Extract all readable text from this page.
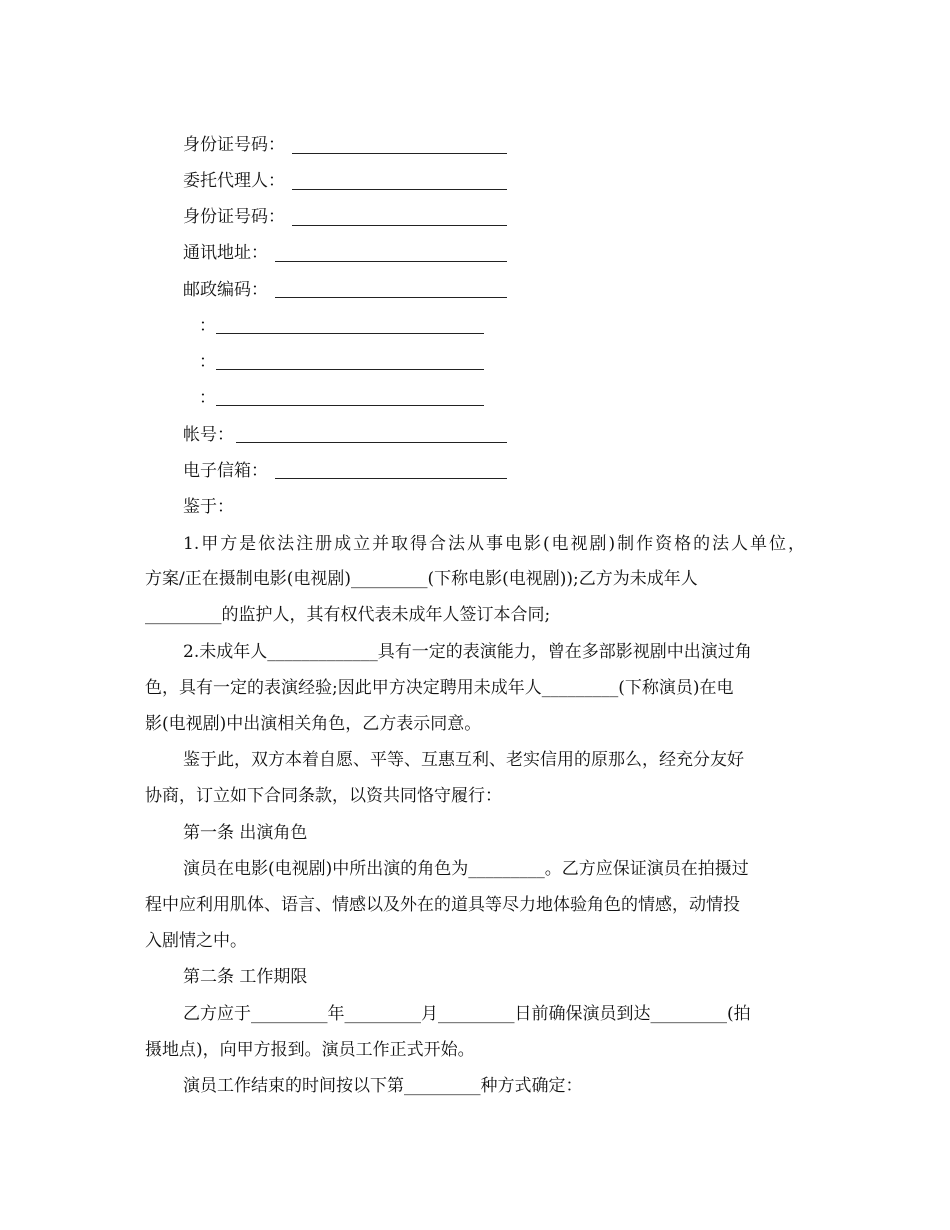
身份证号码：
委托代理人：
身份证号码：
通讯地址：
邮政编码：
：
：
：
帐号：
电子信箱：
鉴于：
1.甲方是依法注册成立并取得合法从事电影(电视剧)制作资格的法人单位，
方案/正在摄制电影(电视剧)_________(下称电影(电视剧));乙方为未成年人
_________的监护人，其有权代表未成年人签订本合同;
2.未成年人_____________具有一定的表演能力，曾在多部影视剧中出演过角
色，具有一定的表演经验;因此甲方决定聘用未成年人_________(下称演员)在电
影(电视剧)中出演相关角色，乙方表示同意。
鉴于此，双方本着自愿、平等、互惠互利、老实信用的原那么，经充分友好
协商，订立如下合同条款，以资共同恪守履行：
第一条 出演角色
演员在电影(电视剧)中所出演的角色为_________。乙方应保证演员在拍摄过
程中应利用肌体、语言、情感以及外在的道具等尽力地体验角色的情感，动情投
入剧情之中。
第二条 工作期限
乙方应于_________年_________月_________日前确保演员到达_________(拍
摄地点)，向甲方报到。演员工作正式开始。
演员工作结束的时间按以下第_________种方式确定：
